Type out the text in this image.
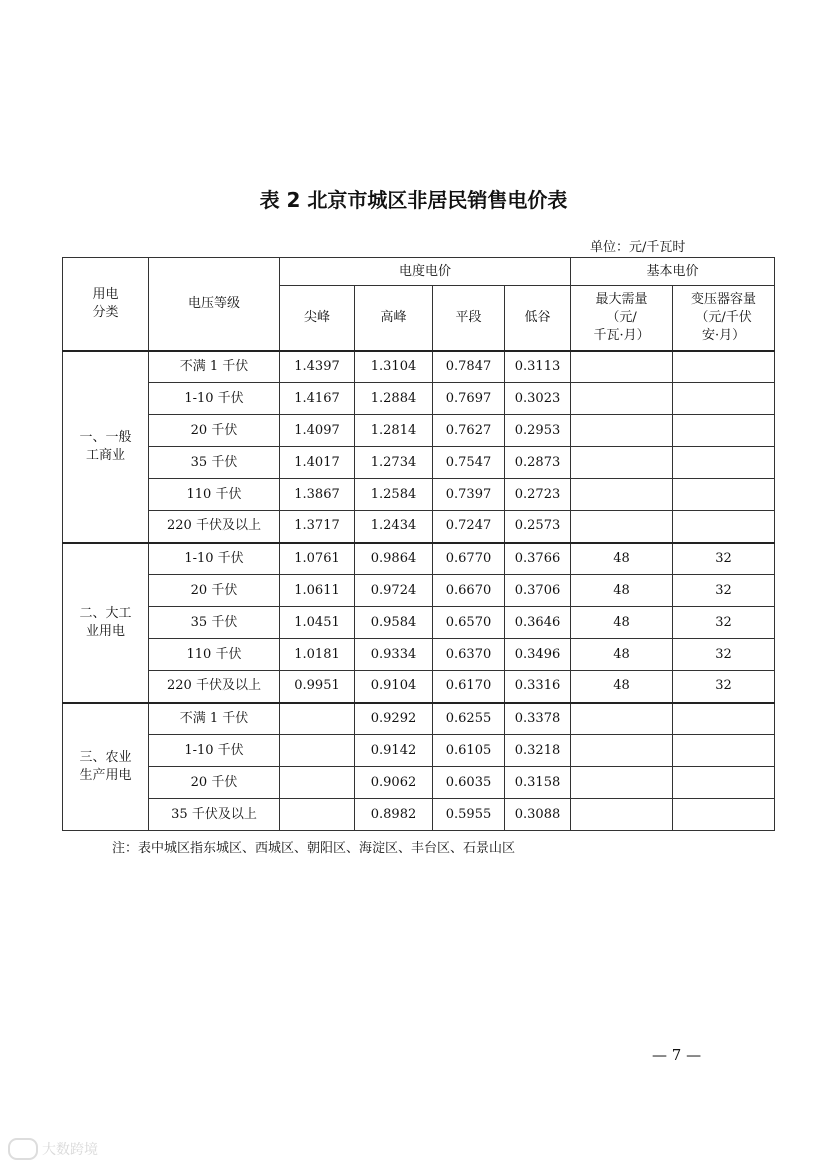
表 2 北京市城区非居民销售电价表
单位：元/千瓦时
用电
分类	电压等级	电度电价				基本电价	
		尖峰	高峰	平段	低谷	最大需量
（元/
千瓦·月）	变压器容量
（元/千伏
安·月）
一、一般
工商业	不满 1 千伏	1.4397	1.3104	0.7847	0.3113		
	1-10 千伏	1.4167	1.2884	0.7697	0.3023		
	20 千伏	1.4097	1.2814	0.7627	0.2953		
	35 千伏	1.4017	1.2734	0.7547	0.2873		
	110 千伏	1.3867	1.2584	0.7397	0.2723		
	220 千伏及以上	1.3717	1.2434	0.7247	0.2573		
二、大工
业用电	1-10 千伏	1.0761	0.9864	0.6770	0.3766	48	32
	20 千伏	1.0611	0.9724	0.6670	0.3706	48	32
	35 千伏	1.0451	0.9584	0.6570	0.3646	48	32
	110 千伏	1.0181	0.9334	0.6370	0.3496	48	32
	220 千伏及以上	0.9951	0.9104	0.6170	0.3316	48	32
三、农业
生产用电	不满 1 千伏		0.9292	0.6255	0.3378		
	1-10 千伏		0.9142	0.6105	0.3218		
	20 千伏		0.9062	0.6035	0.3158		
	35 千伏及以上		0.8982	0.5955	0.3088		
注：表中城区指东城区、西城区、朝阳区、海淀区、丰台区、石景山区
— 7 —
大数跨境
